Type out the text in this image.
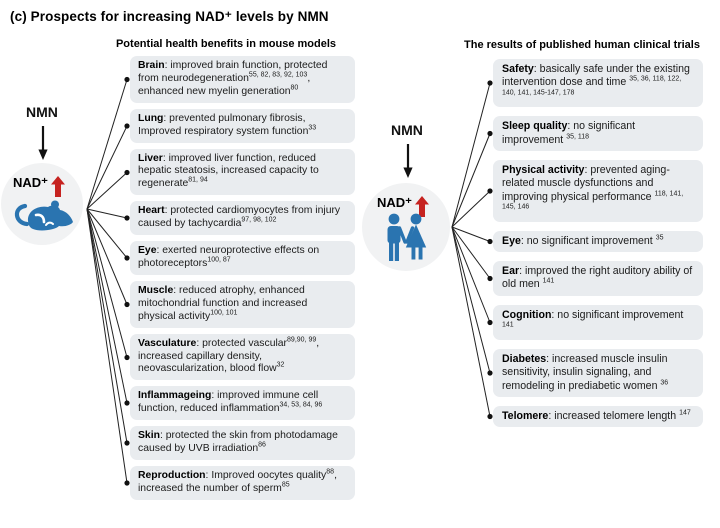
(c) Prospects for increasing NAD⁺ levels by NMN
Potential health benefits in mouse models	The results of published human clinical trials
NMN
NAD⁺
NMN
NAD⁺
Brain: improved brain function, protected from neurodegeneration$^{55, 82, 83, 92, 103}$, enhanced new myelin generation$^{80}$
Lung: prevented pulmonary fibrosis, Improved respiratory system function$^{33}$
Liver: improved liver function, reduced hepatic steatosis, increased capacity to regenerate$^{81, 94}$
Heart: protected cardiomyocytes from injury caused by tachycardia$^{97, 98, 102}$
Eye: exerted neuroprotective effects on photoreceptors$^{100, 87}$
Muscle: reduced atrophy, enhanced mitochondrial function and increased physical activity$^{100, 101}$
Vasculature: protected vascular$^{89,90, 99}$, increased capillary density, neovascularization, blood flow$^{32}$
Inflammageing: improved immune cell function, reduced inflammation$^{34, 53, 84, 96}$
Skin: protected the skin from photodamage caused by UVB irradiation$^{86}$
Reproduction: Improved oocytes quality$^{88}$, increased the number of sperm$^{85}$
Safety: basically safe under the existing intervention dose and time $^{35, 36, 118, 122, 140, 141, 145-147, 178}$
Sleep quality: no significant improvement $^{35, 118}$
Physical activity: prevented aging-related muscle dysfunctions and improving physical performance $^{118, 141, 145, 146}$
Eye: no significant improvement $^{35}$
Ear: improved the right auditory ability of old men $^{141}$
Cognition: no significant improvement $^{141}$
Diabetes: increased muscle insulin sensitivity, insulin signaling, and remodeling in prediabetic women $^{36}$
Telomere: increased telomere length $^{147}$
